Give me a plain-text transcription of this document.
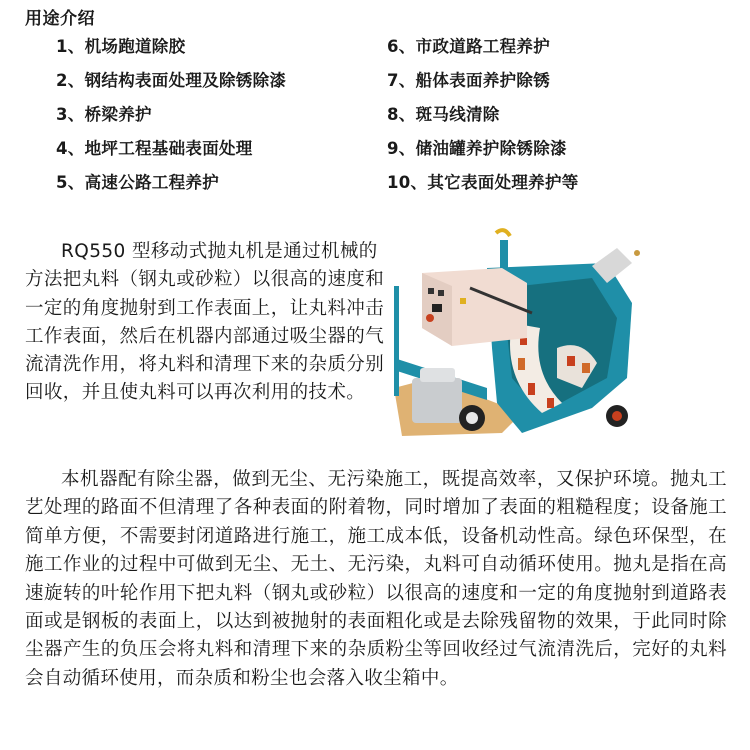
用途介绍
1、机场跑道除胶
2、钢结构表面处理及除锈除漆
3、桥梁养护
4、地坪工程基础表面处理
5、高速公路工程养护
6、市政道路工程养护
7、船体表面养护除锈
8、斑马线清除
9、储油罐养护除锈除漆
10、其它表面处理养护等

RQ550 型移动式抛丸机是通过机械的方法把丸料（钢丸或砂粒）以很高的速度和一定的角度抛射到工作表面上，让丸料冲击工作表面，然后在机器内部通过吸尘器的气流清洗作用，将丸料和清理下来的杂质分别回收，并且使丸料可以再次利用的技术。

本机器配有除尘器，做到无尘、无污染施工，既提高效率，又保护环境。抛丸工艺处理的路面不但清理了各种表面的附着物，同时增加了表面的粗糙程度；设备施工简单方便，不需要封闭道路进行施工，施工成本低，设备机动性高。绿色环保型，在施工作业的过程中可做到无尘、无土、无污染，丸料可自动循环使用。抛丸是指在高速旋转的叶轮作用下把丸料（钢丸或砂粒）以很高的速度和一定的角度抛射到道路表面或是钢板的表面上，以达到被抛射的表面粗化或是去除残留物的效果，于此同时除尘器产生的负压会将丸料和清理下来的杂质粉尘等回收经过气流清洗后，完好的丸料会自动循环使用，而杂质和粉尘也会落入收尘箱中。
